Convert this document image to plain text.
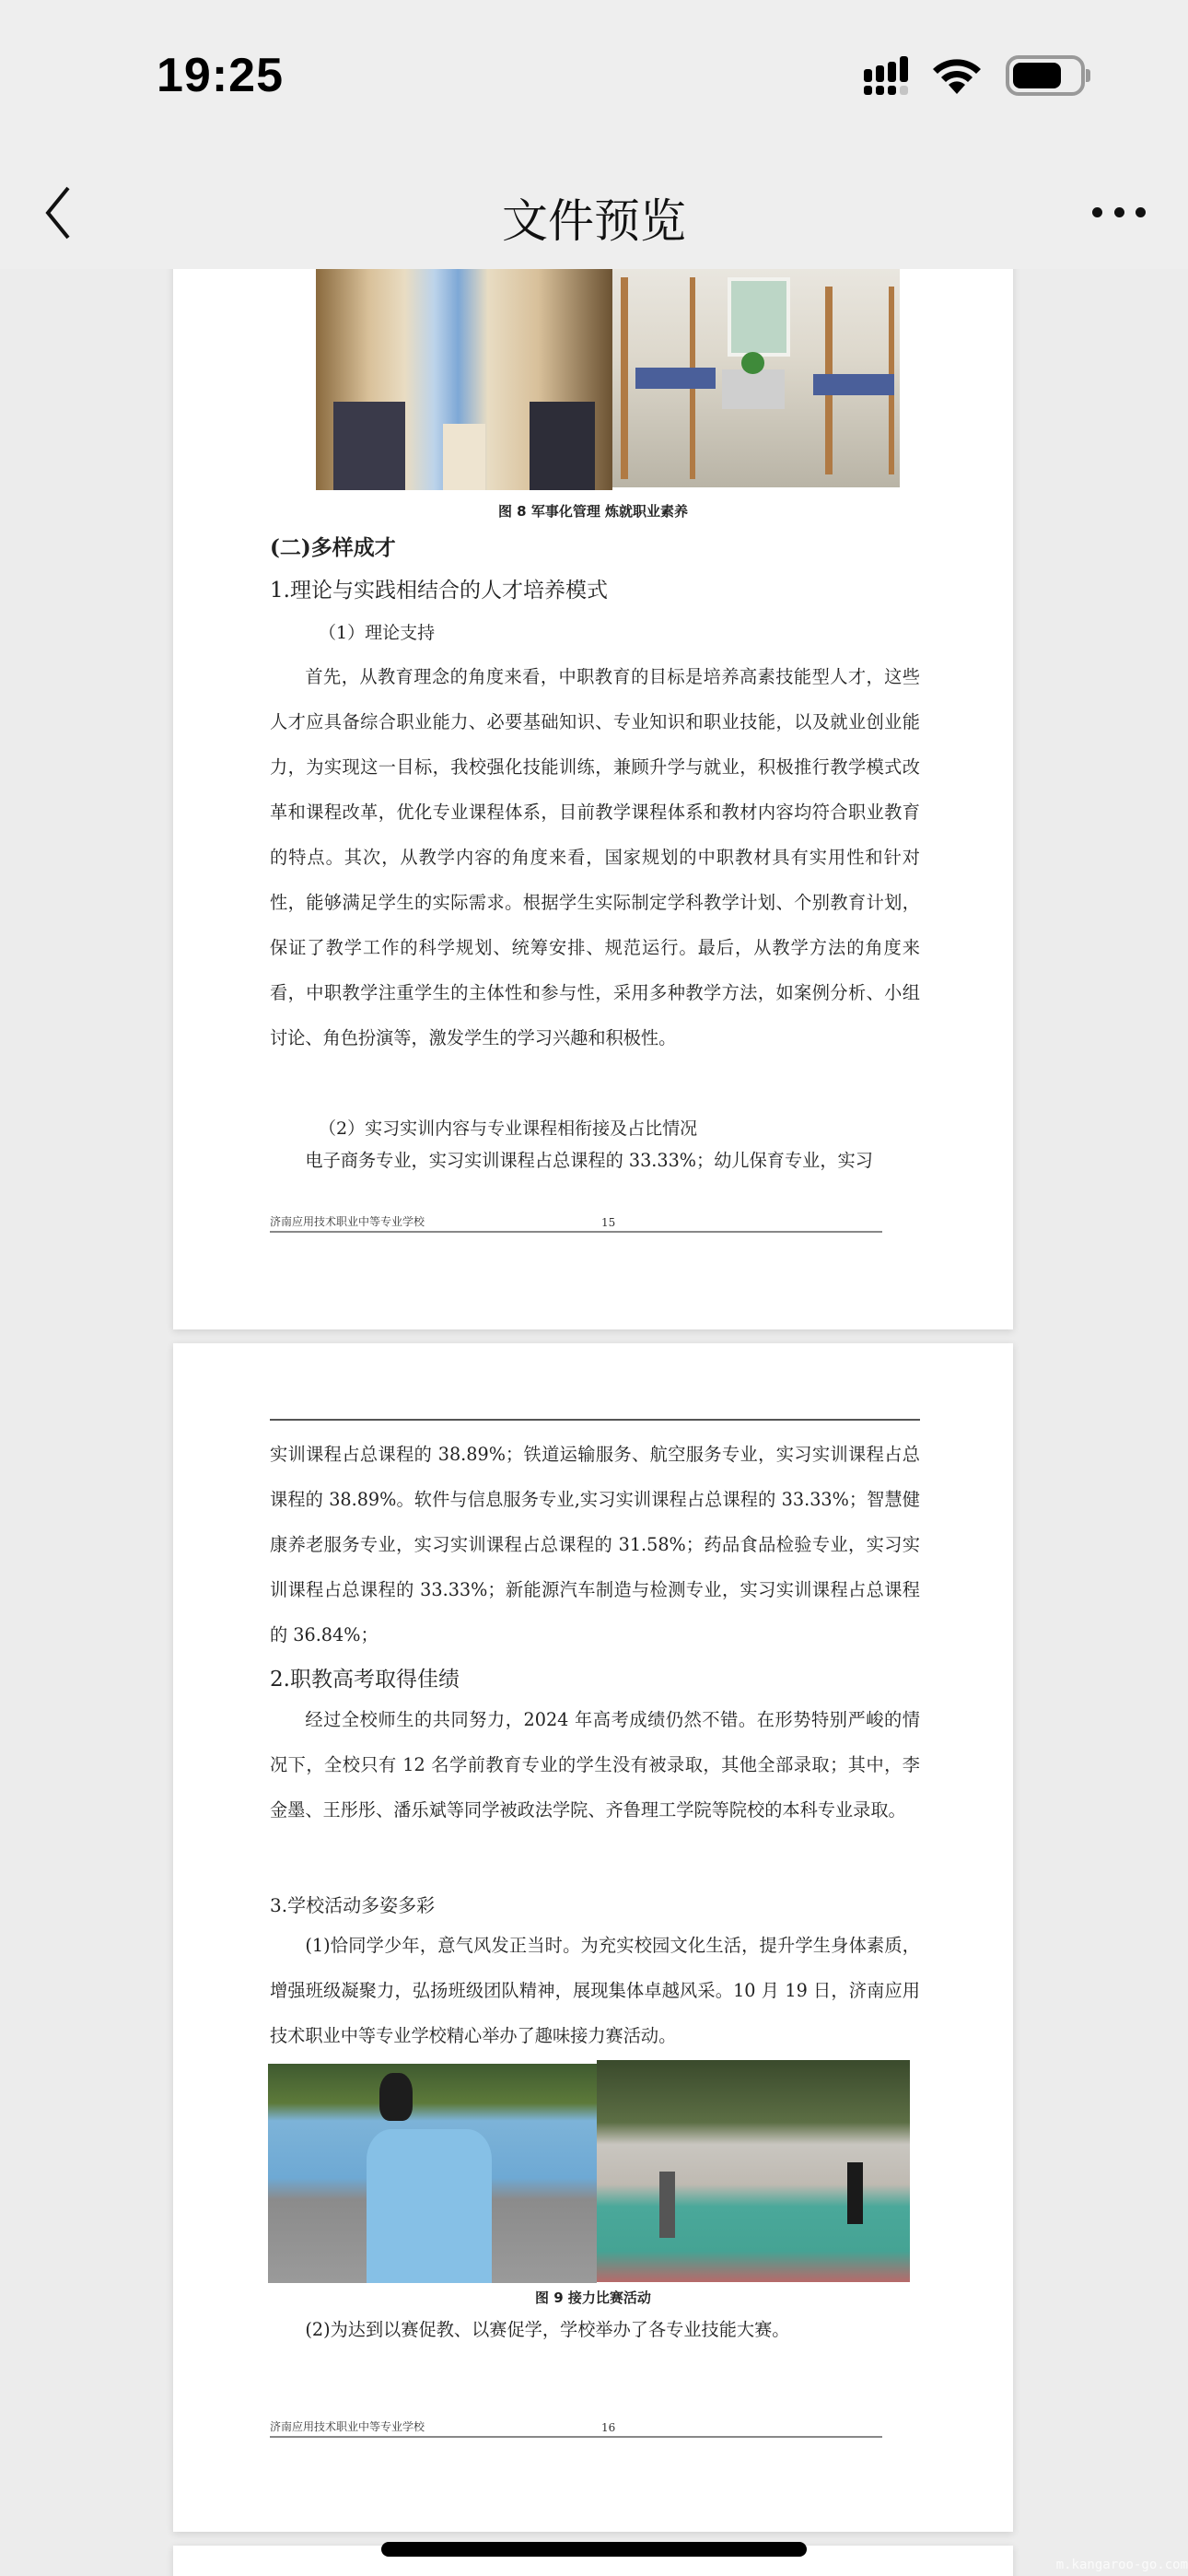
19:25
文件预览
图 8 军事化管理 炼就职业素养
(二)多样成才
1.理论与实践相结合的人才培养模式
（1）理论支持
首先，从教育理念的角度来看，中职教育的目标是培养高素技能型人才，这些人才应具备综合职业能力、必要基础知识、专业知识和职业技能，以及就业创业能力，为实现这一目标，我校强化技能训练，兼顾升学与就业，积极推行教学模式改革和课程改革，优化专业课程体系，目前教学课程体系和教材内容均符合职业教育的特点。其次，从教学内容的角度来看，国家规划的中职教材具有实用性和针对性，能够满足学生的实际需求。根据学生实际制定学科教学计划、个别教育计划，保证了教学工作的科学规划、统筹安排、规范运行。最后，从教学方法的角度来看，中职教学注重学生的主体性和参与性，采用多种教学方法，如案例分析、小组讨论、角色扮演等，激发学生的学习兴趣和积极性。
（2）实习实训内容与专业课程相衔接及占比情况
电子商务专业，实习实训课程占总课程的 33.33%；幼儿保育专业，实习
济南应用技术职业中等专业学校	15
实训课程占总课程的 38.89%；铁道运输服务、航空服务专业，实习实训课程占总课程的 38.89%。软件与信息服务专业,实习实训课程占总课程的 33.33%；智慧健康养老服务专业，实习实训课程占总课程的 31.58%；药品食品检验专业，实习实训课程占总课程的 33.33%；新能源汽车制造与检测专业，实习实训课程占总课程的 36.84%；
2.职教高考取得佳绩
经过全校师生的共同努力，2024 年高考成绩仍然不错。在形势特别严峻的情况下，全校只有 12 名学前教育专业的学生没有被录取，其他全部录取；其中，李金墨、王彤彤、潘乐斌等同学被政法学院、齐鲁理工学院等院校的本科专业录取。
3.学校活动多姿多彩
(1)恰同学少年，意气风发正当时。为充实校园文化生活，提升学生身体素质，增强班级凝聚力，弘扬班级团队精神，展现集体卓越风采。10 月 19 日，济南应用技术职业中等专业学校精心举办了趣味接力赛活动。
图 9 接力比赛活动
(2)为达到以赛促教、以赛促学，学校举办了各专业技能大赛。
济南应用技术职业中等专业学校	16
m.kangaroo-go.com
